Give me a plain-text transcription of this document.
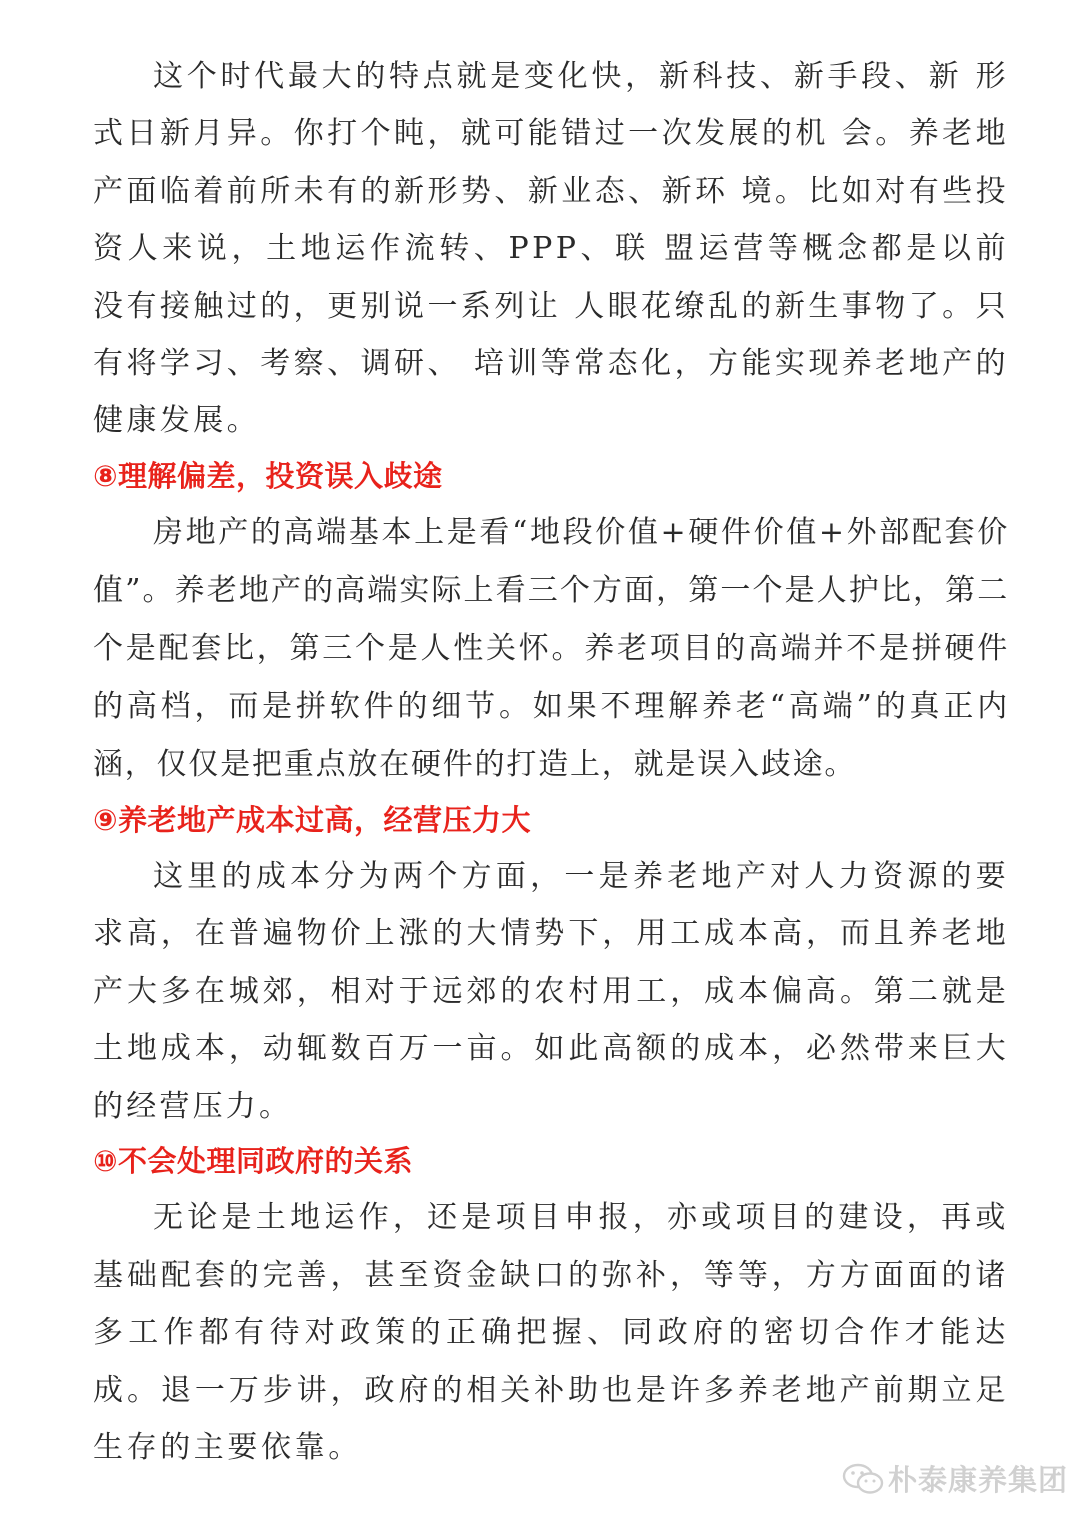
这个时代最大的特点就是变化快，新科技、新手段、新 形式日新月异。你打个盹，就可能错过一次发展的机 会。养老地产面临着前所未有的新形势、新业态、新环 境。比如对有些投资人来说，土地运作流转、PPP、联 盟运营等概念都是以前没有接触过的，更别说一系列让 人眼花缭乱的新生事物了。只有将学习、考察、调研、 培训等常态化，方能实现养老地产的健康发展。

⑧理解偏差，投资误入歧途

房地产的高端基本上是看“地段价值+硬件价值+外部配套价值”。养老地产的高端实际上看三个方面，第一个是人护比，第二个是配套比，第三个是人性关怀。养老项目的高端并不是拼硬件的高档，而是拼软件的细节。如果不理解养老“高端”的真正内涵，仅仅是把重点放在硬件的打造上，就是误入歧途。

⑨养老地产成本过高，经营压力大

这里的成本分为两个方面，一是养老地产对人力资源的要求高，在普遍物价上涨的大情势下，用工成本高，而且养老地产大多在城郊，相对于远郊的农村用工，成本偏高。第二就是土地成本，动辄数百万一亩。如此高额的成本，必然带来巨大的经营压力。

⑩不会处理同政府的关系

无论是土地运作，还是项目申报，亦或项目的建设，再或基础配套的完善，甚至资金缺口的弥补，等等，方方面面的诸多工作都有待对政策的正确把握、同政府的密切合作才能达成。退一万步讲，政府的相关补助也是许多养老地产前期立足生存的主要依靠。

朴泰康养集团
